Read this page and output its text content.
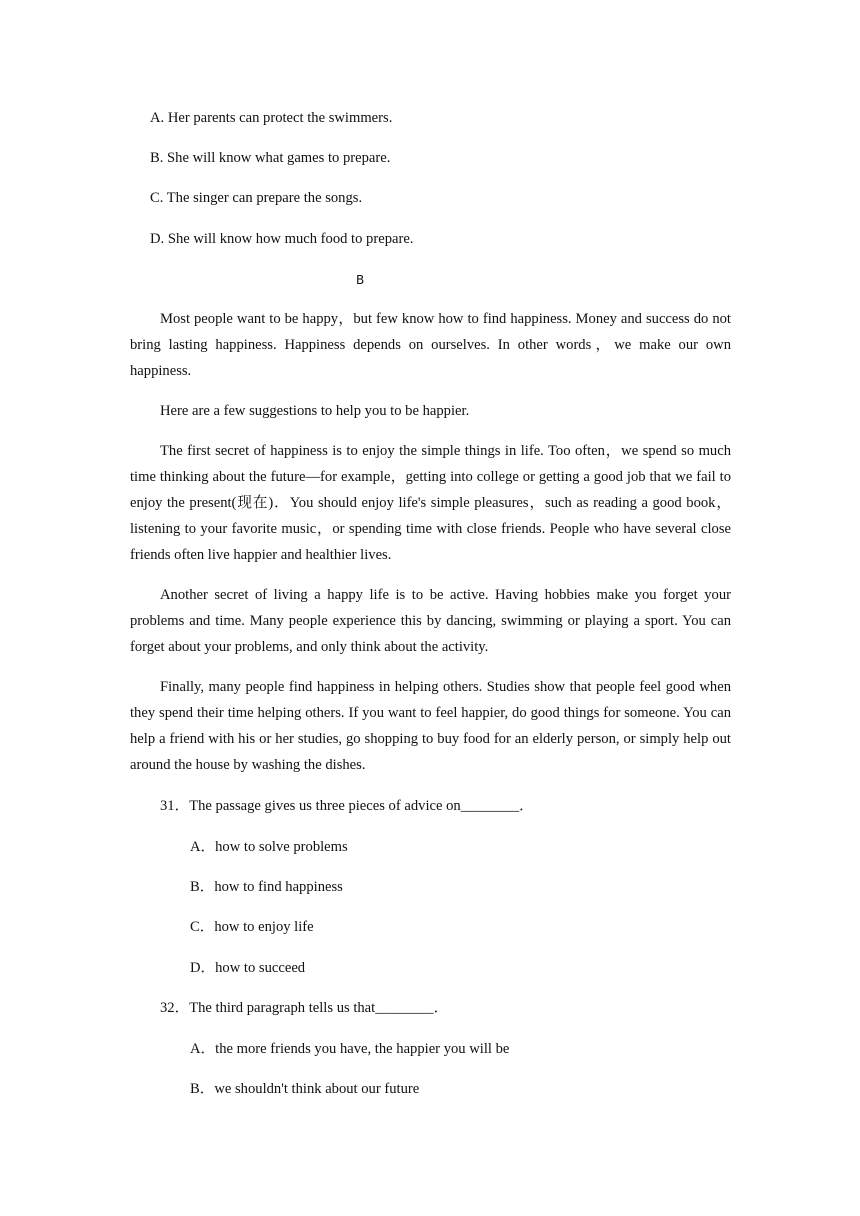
A. Her parents can protect the swimmers.
B. She will know what games to prepare.
C. The singer can prepare the songs.
D. She will know how much food to prepare.
B
Most people want to be happy，but few know how to find happiness. Money and success do not bring lasting happiness. Happiness depends on ourselves. In other words，we make our own happiness.
Here are a few suggestions to help you to be happier.
The first secret of happiness is to enjoy the simple things in life. Too often，we spend so much time thinking about the future—for example，getting into college or getting a good job that we fail to enjoy the present(现在)．You should enjoy life's simple pleasures，such as reading a good book，listening to your favorite music，or spending time with close friends. People who have several close friends often live happier and healthier lives.
Another secret of living a happy life is to be active. Having hobbies make you forget your problems and time. Many people experience this by dancing, swimming or playing a sport. You can forget about your problems, and only think about the activity.
Finally, many people find happiness in helping others. Studies show that people feel good when they spend their time helping others. If you want to feel happier, do good things for someone. You can help a friend with his or her studies, go shopping to buy food for an elderly person, or simply help out around the house by washing the dishes.
31．The passage gives us three pieces of advice on________．
A．how to solve problems
B．how to find happiness
C．how to enjoy life
D．how to succeed
32．The third paragraph tells us that________．
A．the more friends you have, the happier you will be
B．we shouldn't think about our future
